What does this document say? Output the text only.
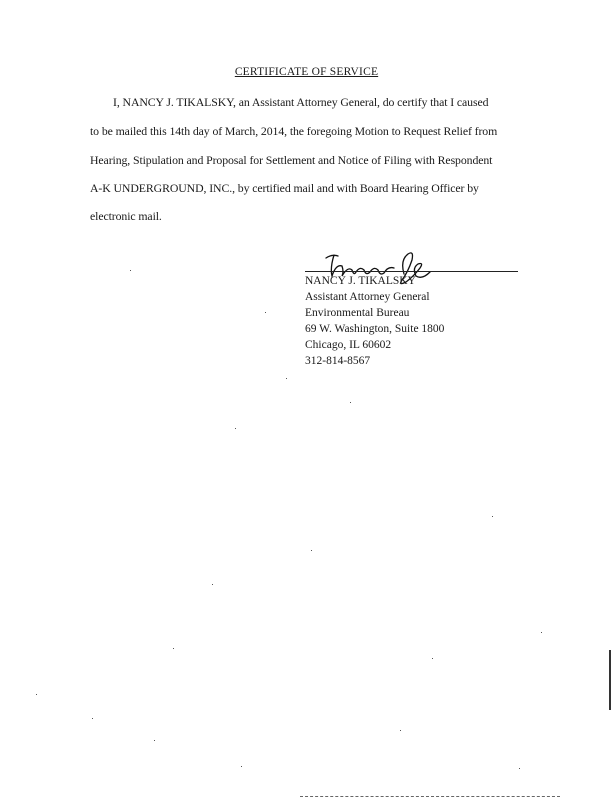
CERTIFICATE OF SERVICE
I, NANCY J. TIKALSKY, an Assistant Attorney General, do certify that I caused
to be mailed this 14th day of March, 2014, the foregoing Motion to Request Relief from
Hearing, Stipulation and Proposal for Settlement and Notice of Filing with Respondent
A-K UNDERGROUND, INC., by certified mail and with Board Hearing Officer by
electronic mail.
NANCY J. TIKALSKY
Assistant Attorney General
Environmental Bureau
69 W. Washington, Suite 1800
Chicago, IL 60602
312-814-8567
